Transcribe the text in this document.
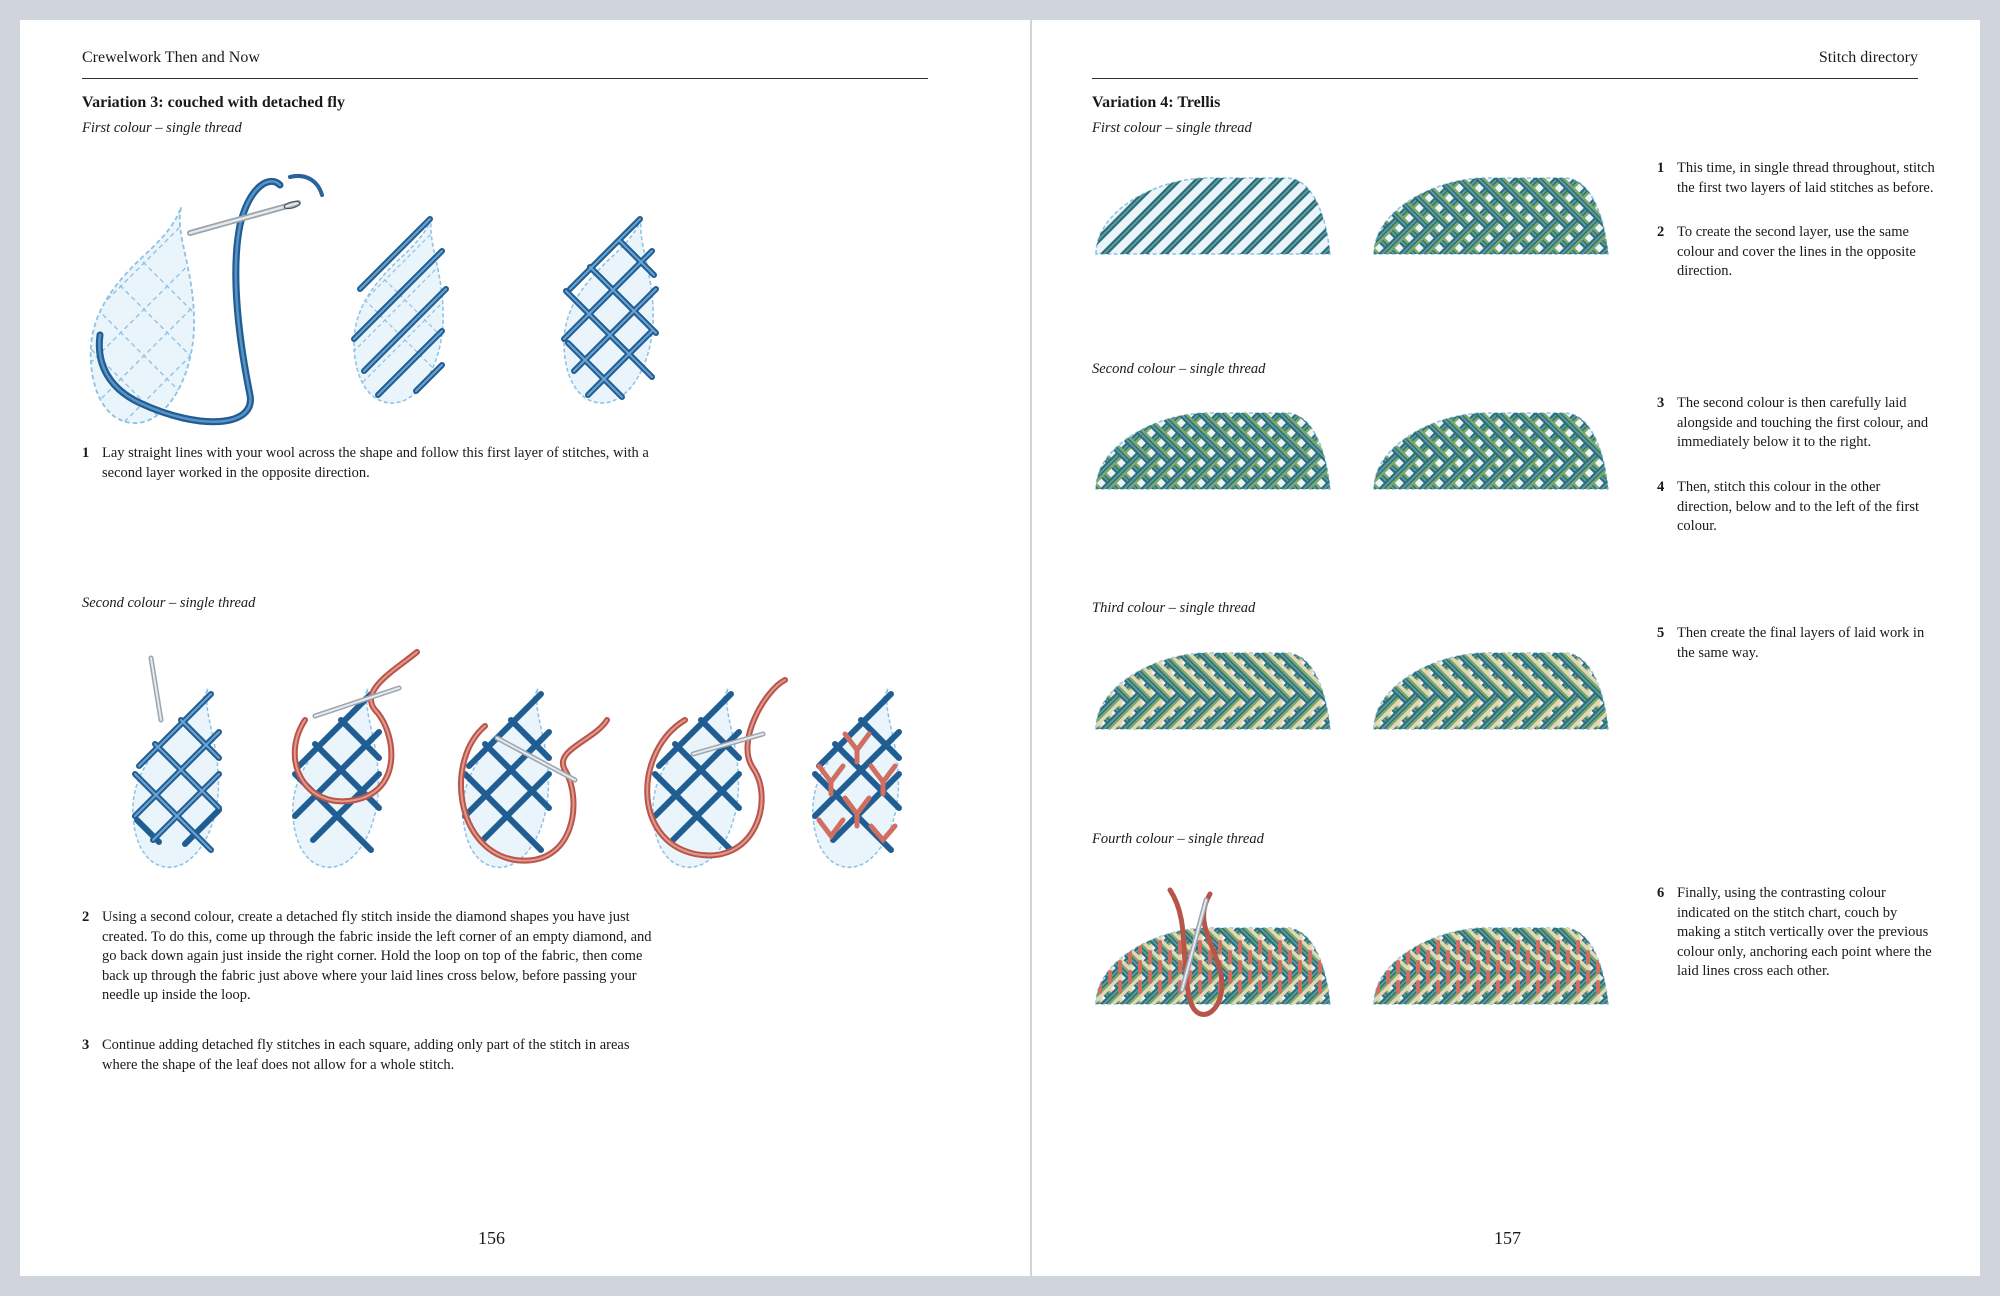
Crewelwork Then and Now
Variation 3: couched with detached fly
First colour – single thread
1 Lay straight lines with your wool across the shape and follow this first layer of stitches, with a second layer worked in the opposite direction.
Second colour – single thread
2 Using a second colour, create a detached fly stitch inside the diamond shapes you have just created. To do this, come up through the fabric inside the left corner of an empty diamond, and go back down again just inside the right corner. Hold the loop on top of the fabric, then come back up through the fabric just above where your laid lines cross below, before passing your needle up inside the loop.
3 Continue adding detached fly stitches in each square, adding only part of the stitch in areas where the shape of the leaf does not allow for a whole stitch.
156
Stitch directory
Variation 4: Trellis
First colour – single thread
Second colour – single thread
Third colour – single thread
Fourth colour – single thread
1 This time, in single thread throughout, stitch the first two layers of laid stitches as before.
2 To create the second layer, use the same colour and cover the lines in the opposite direction.
3 The second colour is then carefully laid alongside and touching the first colour, and immediately below it to the right.
4 Then, stitch this colour in the other direction, below and to the left of the first colour.
5 Then create the final layers of laid work in the same way.
6 Finally, using the contrasting colour indicated on the stitch chart, couch by making a stitch vertically over the previous colour only, anchoring each point where the laid lines cross each other.
157
